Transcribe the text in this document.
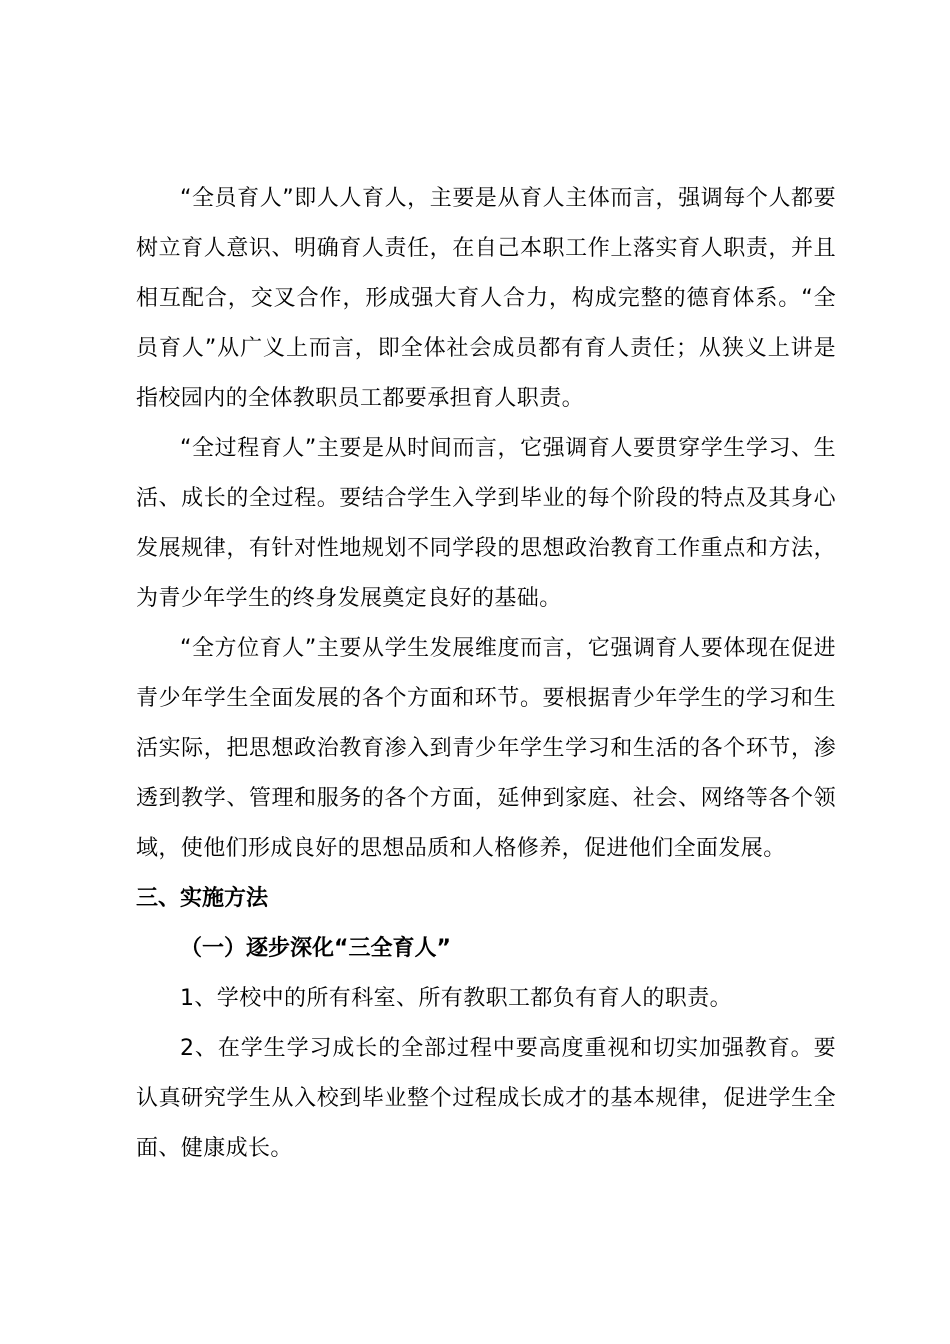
“全员育人”即人人育人，主要是从育人主体而言，强调每个人都要树立育人意识、明确育人责任，在自己本职工作上落实育人职责，并且相互配合，交叉合作，形成强大育人合力，构成完整的德育体系。“全员育人”从广义上而言，即全体社会成员都有育人责任；从狭义上讲是指校园内的全体教职员工都要承担育人职责。

“全过程育人”主要是从时间而言，它强调育人要贯穿学生学习、生活、成长的全过程。要结合学生入学到毕业的每个阶段的特点及其身心发展规律，有针对性地规划不同学段的思想政治教育工作重点和方法，为青少年学生的终身发展奠定良好的基础。

“全方位育人”主要从学生发展维度而言，它强调育人要体现在促进青少年学生全面发展的各个方面和环节。要根据青少年学生的学习和生活实际，把思想政治教育渗入到青少年学生学习和生活的各个环节，渗透到教学、管理和服务的各个方面，延伸到家庭、社会、网络等各个领域，使他们形成良好的思想品质和人格修养，促进他们全面发展。

三、实施方法

（一）逐步深化“三全育人”

1、学校中的所有科室、所有教职工都负有育人的职责。

2、在学生学习成长的全部过程中要高度重视和切实加强教育。要认真研究学生从入校到毕业整个过程成长成才的基本规律，促进学生全面、健康成长。
